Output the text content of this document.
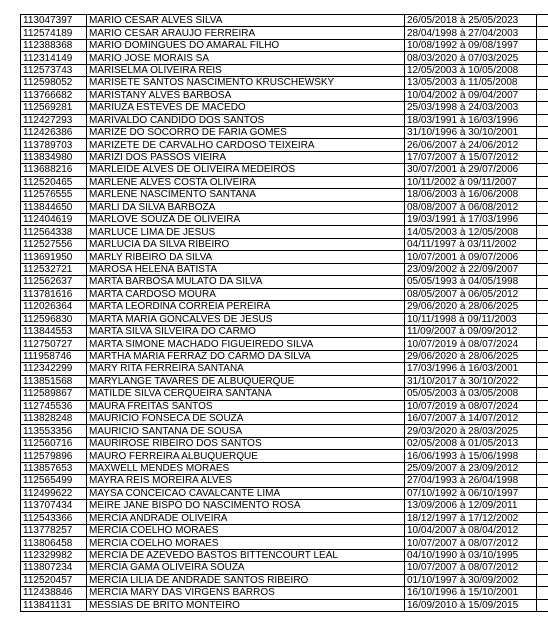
113047397	MARIO CESAR ALVES SILVA	26/05/2018 à 25/05/2023	
112574189	MARIO CESAR ARAUJO FERREIRA	28/04/1998 à 27/04/2003	
112388368	MARIO DOMINGUES DO AMARAL FILHO	10/08/1992 à 09/08/1997	
112314149	MARIO JOSE MORAIS SA	08/03/2020 à 07/03/2025	
112573743	MARISELMA OLIVEIRA REIS	12/05/2003 à 10/05/2008	
112598052	MARISETE SANTOS NASCIMENTO KRUSCHEWSKY	13/05/2003 à 11/05/2008	
113766682	MARISTANY ALVES BARBOSA	10/04/2002 à 09/04/2007	
112569281	MARIUZA ESTEVES DE MACEDO	25/03/1998 à 24/03/2003	
112427293	MARIVALDO CANDIDO DOS SANTOS	18/03/1991 à 16/03/1996	
112426386	MARIZE DO SOCORRO DE FARIA GOMES	31/10/1996 à 30/10/2001	
113789703	MARIZETE DE CARVALHO CARDOSO TEIXEIRA	26/06/2007 à 24/06/2012	
113834980	MARIZI DOS PASSOS VIEIRA	17/07/2007 à 15/07/2012	
113688216	MARLEIDE ALVES DE OLIVEIRA MEDEIROS	30/07/2001 à 29/07/2006	
112520465	MARLENE ALVES COSTA OLIVEIRA	10/11/2002 à 09/11/2007	
112576555	MARLENE NASCIMENTO SANTANA	18/06/2003 à 16/06/2008	
113844650	MARLI DA SILVA BARBOZA	08/08/2007 à 06/08/2012	
112404619	MARLOVE SOUZA DE OLIVEIRA	19/03/1991 à 17/03/1996	
112564338	MARLUCE LIMA DE JESUS	14/05/2003 à 12/05/2008	
112527556	MARLUCIA DA SILVA RIBEIRO	04/11/1997 à 03/11/2002	
113691950	MARLY RIBEIRO DA SILVA	10/07/2001 à 09/07/2006	
112532721	MAROSA HELENA BATISTA	23/09/2002 à 22/09/2007	
112562637	MARTA BARBOSA MULATO DA SILVA	05/05/1993 à 04/05/1998	
113781616	MARTA CARDOSO MOURA	08/05/2007 à 06/05/2012	
112026364	MARTA LEORDINA CORREIA PEREIRA	29/06/2020 à 28/06/2025	
112596830	MARTA MARIA GONCALVES DE JESUS	10/11/1998 à 09/11/2003	
113844553	MARTA SILVA SILVEIRA DO CARMO	11/09/2007 à 09/09/2012	
112750727	MARTA SIMONE MACHADO FIGUEIREDO SILVA	10/07/2019 à 08/07/2024	
111958746	MARTHA MARIA FERRAZ DO CARMO DA SILVA	29/06/2020 à 28/06/2025	
112342299	MARY RITA FERREIRA SANTANA	17/03/1996 à 16/03/2001	
113851568	MARYLANGE TAVARES DE ALBUQUERQUE	31/10/2017 à 30/10/2022	
112589867	MATILDE SILVA CERQUEIRA SANTANA	05/05/2003 à 03/05/2008	
112745536	MAURA FREITAS SANTOS	10/07/2019 à 08/07/2024	
113828248	MAURICIO FONSECA DE SOUZA	16/07/2007 à 14/07/2012	
113553356	MAURICIO SANTANA DE SOUSA	29/03/2020 à 28/03/2025	
112560716	MAURIROSE RIBEIRO DOS SANTOS	02/05/2008 à 01/05/2013	
112579896	MAURO FERREIRA ALBUQUERQUE	16/06/1993 à 15/06/1998	
113857653	MAXWELL MENDES MORAES	25/09/2007 à 23/09/2012	
112565499	MAYRA REIS MOREIRA ALVES	27/04/1993 à 26/04/1998	
112499622	MAYSA CONCEICAO CAVALCANTE LIMA	07/10/1992 à 06/10/1997	
113707434	MEIRE JANE BISPO DO NASCIMENTO ROSA	13/09/2006 à 12/09/2011	
112543366	MERCIA ANDRADE OLIVEIRA	18/12/1997 à 17/12/2002	
113778257	MERCIA COELHO MORAES	10/04/2007 à 08/04/2012	
113806458	MERCIA COELHO MORAES	10/07/2007 à 08/07/2012	
112329982	MERCIA DE AZEVEDO BASTOS BITTENCOURT LEAL	04/10/1990 à 03/10/1995	
113807234	MERCIA GAMA OLIVEIRA SOUZA	10/07/2007 à 08/07/2012	
112520457	MERCIA LILIA DE ANDRADE SANTOS RIBEIRO	01/10/1997 à 30/09/2002	
112438846	MERCIA MARY DAS VIRGENS BARROS	16/10/1996 à 15/10/2001	
113841131	MESSIAS DE BRITO MONTEIRO	16/09/2010 à 15/09/2015	
